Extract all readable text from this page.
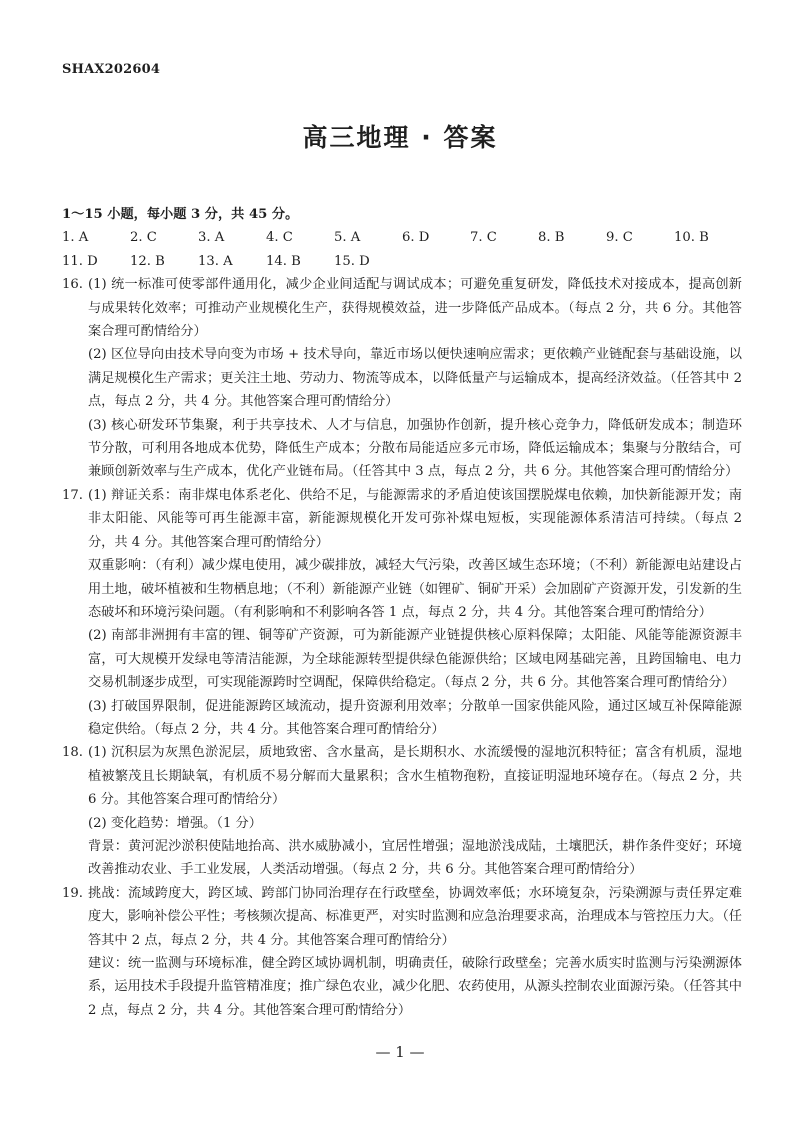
SHAX202604
高三地理 · 答案
1～15 小题，每小题 3 分，共 45 分。
1. A	2. C	3. A	4. C	5. A	6. D	7. C	8. B	9. C	10. B
11. D	12. B	13. A	14. B	15. D
16. (1) 统一标准可使零部件通用化，减少企业间适配与调试成本；可避免重复研发，降低技术对接成本，提高创新与成果转化效率；可推动产业规模化生产，获得规模效益，进一步降低产品成本。（每点 2 分，共 6 分。其他答案合理可酌情给分）
(2) 区位导向由技术导向变为市场 + 技术导向，靠近市场以便快速响应需求；更依赖产业链配套与基础设施，以满足规模化生产需求；更关注土地、劳动力、物流等成本，以降低量产与运输成本，提高经济效益。（任答其中 2 点，每点 2 分，共 4 分。其他答案合理可酌情给分）
(3) 核心研发环节集聚，利于共享技术、人才与信息，加强协作创新，提升核心竞争力，降低研发成本；制造环节分散，可利用各地成本优势，降低生产成本；分散布局能适应多元市场，降低运输成本；集聚与分散结合，可兼顾创新效率与生产成本，优化产业链布局。（任答其中 3 点，每点 2 分，共 6 分。其他答案合理可酌情给分）
17. (1) 辩证关系：南非煤电体系老化、供给不足，与能源需求的矛盾迫使该国摆脱煤电依赖，加快新能源开发；南非太阳能、风能等可再生能源丰富，新能源规模化开发可弥补煤电短板，实现能源体系清洁可持续。（每点 2 分，共 4 分。其他答案合理可酌情给分）
双重影响：（有利）减少煤电使用，减少碳排放，减轻大气污染，改善区域生态环境；（不利）新能源电站建设占用土地，破坏植被和生物栖息地；（不利）新能源产业链（如锂矿、铜矿开采）会加剧矿产资源开发，引发新的生态破坏和环境污染问题。（有利影响和不利影响各答 1 点，每点 2 分，共 4 分。其他答案合理可酌情给分）
(2) 南部非洲拥有丰富的锂、铜等矿产资源，可为新能源产业链提供核心原料保障；太阳能、风能等能源资源丰富，可大规模开发绿电等清洁能源，为全球能源转型提供绿色能源供给；区域电网基础完善，且跨国输电、电力交易机制逐步成型，可实现能源跨时空调配，保障供给稳定。（每点 2 分，共 6 分。其他答案合理可酌情给分）
(3) 打破国界限制，促进能源跨区域流动，提升资源利用效率；分散单一国家供能风险，通过区域互补保障能源稳定供给。（每点 2 分，共 4 分。其他答案合理可酌情给分）
18. (1) 沉积层为灰黑色淤泥层，质地致密、含水量高，是长期积水、水流缓慢的湿地沉积特征；富含有机质，湿地植被繁茂且长期缺氧，有机质不易分解而大量累积；含水生植物孢粉，直接证明湿地环境存在。（每点 2 分，共 6 分。其他答案合理可酌情给分）
(2) 变化趋势：增强。（1 分）
背景：黄河泥沙淤积使陆地抬高、洪水威胁减小，宜居性增强；湿地淤浅成陆，土壤肥沃，耕作条件变好；环境改善推动农业、手工业发展，人类活动增强。（每点 2 分，共 6 分。其他答案合理可酌情给分）
19. 挑战：流域跨度大，跨区域、跨部门协同治理存在行政壁垒，协调效率低；水环境复杂，污染溯源与责任界定难度大，影响补偿公平性；考核频次提高、标准更严，对实时监测和应急治理要求高，治理成本与管控压力大。（任答其中 2 点，每点 2 分，共 4 分。其他答案合理可酌情给分）
建议：统一监测与环境标准，健全跨区域协调机制，明确责任，破除行政壁垒；完善水质实时监测与污染溯源体系，运用技术手段提升监管精准度；推广绿色农业，减少化肥、农药使用，从源头控制农业面源污染。（任答其中 2 点，每点 2 分，共 4 分。其他答案合理可酌情给分）
— 1 —
